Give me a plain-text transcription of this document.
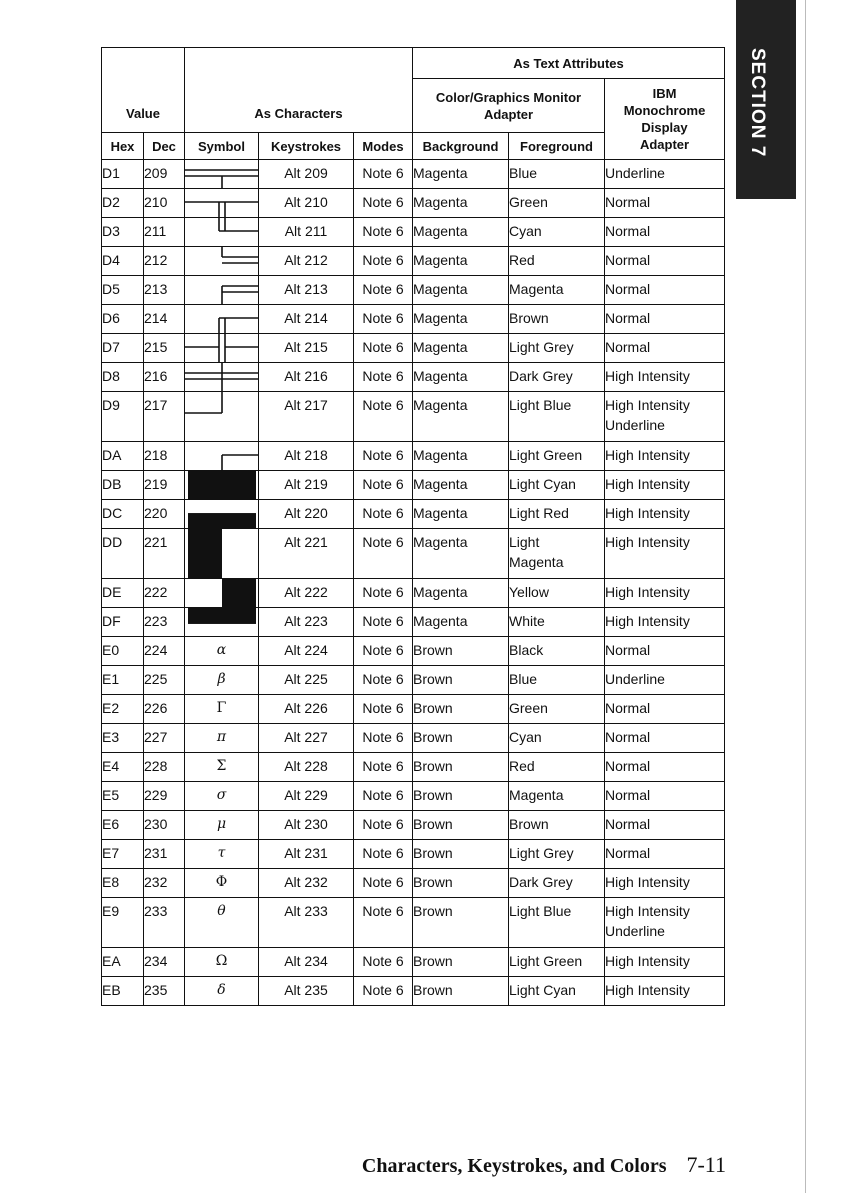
SECTION 7
Value		As Characters			As Text Attributes		
					Color/Graphics Monitor Adapter		IBM Monochrome Display Adapter
Hex	Dec	Symbol	Keystrokes	Modes	Background	Foreground	
D1	209		Alt 209	Note 6	Magenta	Blue	Underline
D2	210		Alt 210	Note 6	Magenta	Green	Normal
D3	211		Alt 211	Note 6	Magenta	Cyan	Normal
D4	212		Alt 212	Note 6	Magenta	Red	Normal
D5	213		Alt 213	Note 6	Magenta	Magenta	Normal
D6	214		Alt 214	Note 6	Magenta	Brown	Normal
D7	215		Alt 215	Note 6	Magenta	Light Grey	Normal
D8	216		Alt 216	Note 6	Magenta	Dark Grey	High Intensity
D9	217		Alt 217	Note 6	Magenta	Light Blue	High Intensity Underline
DA	218		Alt 218	Note 6	Magenta	Light Green	High Intensity
DB	219		Alt 219	Note 6	Magenta	Light Cyan	High Intensity
DC	220		Alt 220	Note 6	Magenta	Light Red	High Intensity
DD	221		Alt 221	Note 6	Magenta	Light Magenta	High Intensity
DE	222		Alt 222	Note 6	Magenta	Yellow	High Intensity
DF	223		Alt 223	Note 6	Magenta	White	High Intensity
E0	224	α	Alt 224	Note 6	Brown	Black	Normal
E1	225	β	Alt 225	Note 6	Brown	Blue	Underline
E2	226	Γ	Alt 226	Note 6	Brown	Green	Normal
E3	227	π	Alt 227	Note 6	Brown	Cyan	Normal
E4	228	Σ	Alt 228	Note 6	Brown	Red	Normal
E5	229	σ	Alt 229	Note 6	Brown	Magenta	Normal
E6	230	μ	Alt 230	Note 6	Brown	Brown	Normal
E7	231	τ	Alt 231	Note 6	Brown	Light Grey	Normal
E8	232	Φ	Alt 232	Note 6	Brown	Dark Grey	High Intensity
E9	233	θ	Alt 233	Note 6	Brown	Light Blue	High Intensity Underline
EA	234	Ω	Alt 234	Note 6	Brown	Light Green	High Intensity
EB	235	δ	Alt 235	Note 6	Brown	Light Cyan	High Intensity
Characters, Keystrokes, and Colors 7-11
